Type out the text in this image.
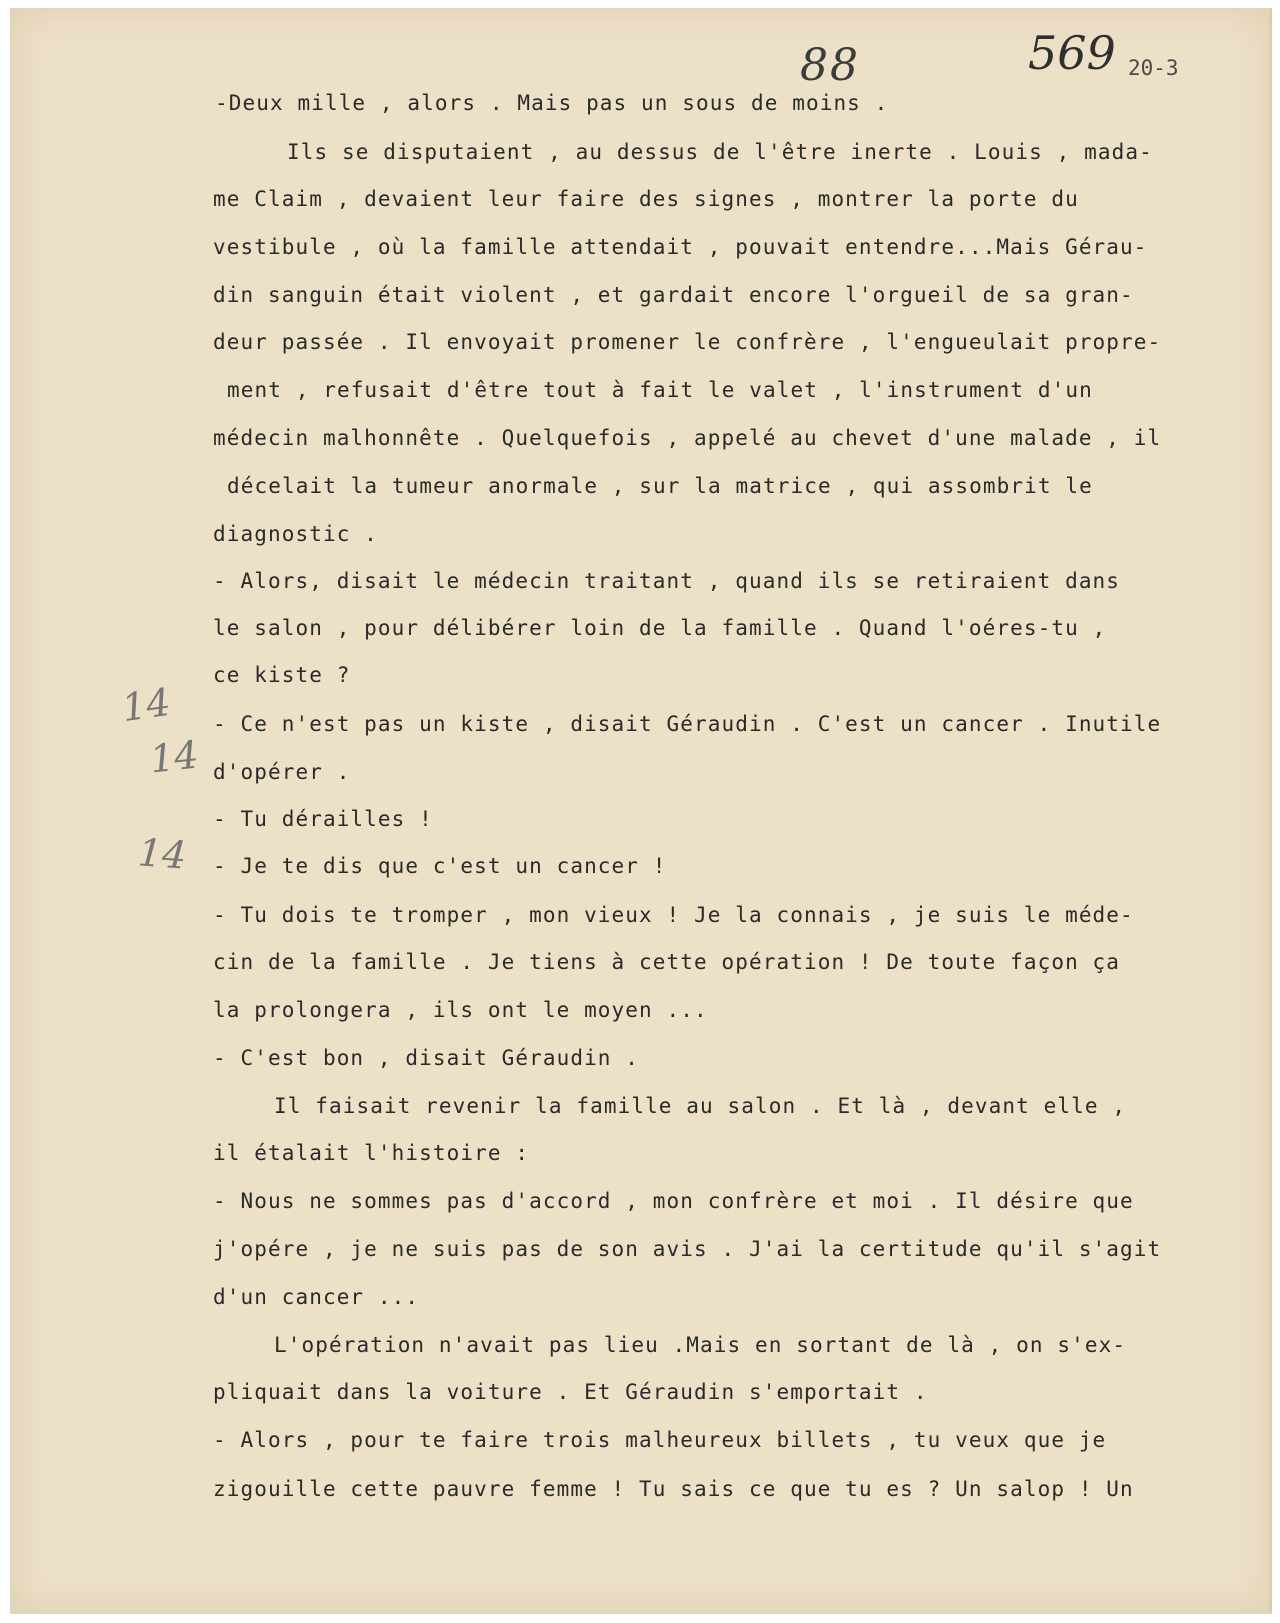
88	569 20-3
14
14
14
-Deux mille , alors . Mais pas un sous de moins .
Ils se disputaient , au dessus de l'être inerte . Louis , mada-
me Claim , devaient leur faire des signes , montrer la porte du
vestibule , où la famille attendait , pouvait entendre...Mais Gérau-
din sanguin était violent , et gardait encore l'orgueil de sa gran-
deur passée . Il envoyait promener le confrère , l'engueulait propre-
ment , refusait d'être tout à fait le valet , l'instrument d'un
médecin malhonnête . Quelquefois , appelé au chevet d'une malade , il
décelait la tumeur anormale , sur la matrice , qui assombrit le
diagnostic .
- Alors, disait le médecin traitant , quand ils se retiraient dans
le salon , pour délibérer loin de la famille . Quand l'oéres-tu ,
ce kiste ?
- Ce n'est pas un kiste , disait Géraudin . C'est un cancer . Inutile
d'opérer .
- Tu dérailles !
- Je te dis que c'est un cancer !
- Tu dois te tromper , mon vieux ! Je la connais , je suis le méde-
cin de la famille . Je tiens à cette opération ! De toute façon ça
la prolongera , ils ont le moyen ...
- C'est bon , disait Géraudin .
Il faisait revenir la famille au salon . Et là , devant elle ,
il étalait l'histoire :
- Nous ne sommes pas d'accord , mon confrère et moi . Il désire que
j'opére , je ne suis pas de son avis . J'ai la certitude qu'il s'agit
d'un cancer ...
L'opération n'avait pas lieu .Mais en sortant de là , on s'ex-
pliquait dans la voiture . Et Géraudin s'emportait .
- Alors , pour te faire trois malheureux billets , tu veux que je
zigouille cette pauvre femme ! Tu sais ce que tu es ? Un salop ! Un
